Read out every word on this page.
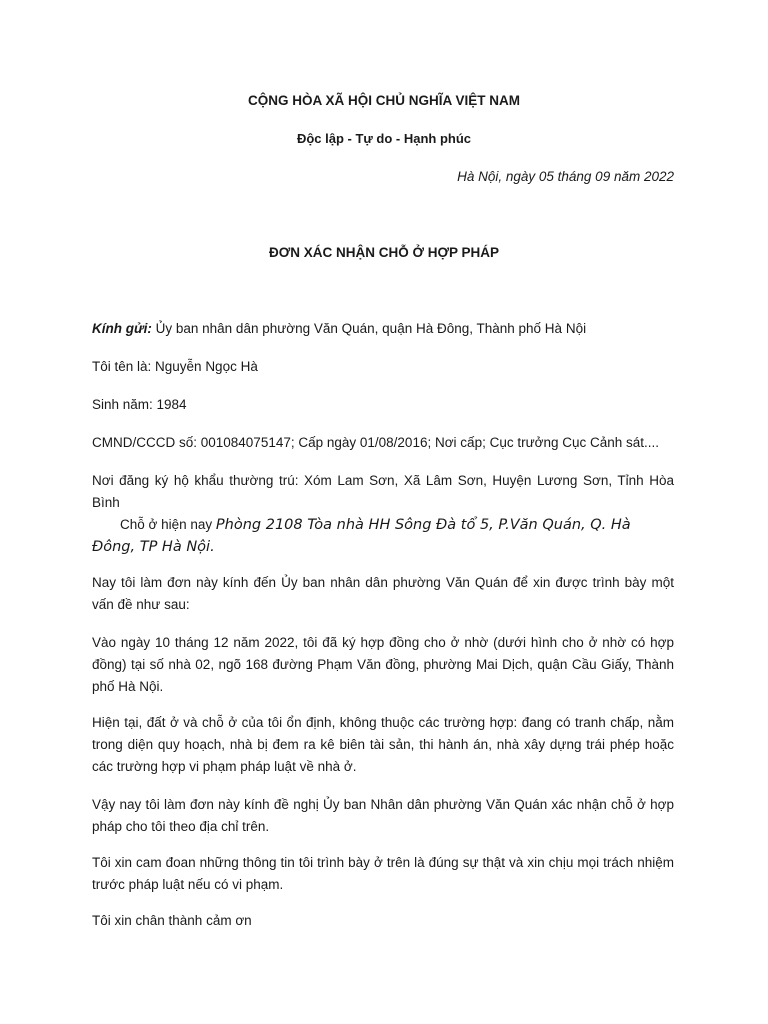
CỘNG HÒA XÃ HỘI CHỦ NGHĨA VIỆT NAM
Độc lập - Tự do - Hạnh phúc
Hà Nội, ngày 05 tháng 09 năm 2022
ĐƠN XÁC NHẬN CHỖ Ở HỢP PHÁP
Kính gửi: Ủy ban nhân dân phường Văn Quán, quận Hà Đông, Thành phố Hà Nội
Tôi tên là: Nguyễn Ngọc Hà
Sinh năm: 1984
CMND/CCCD số: 001084075147; Cấp ngày 01/08/2016; Nơi cấp; Cục trưởng Cục Cảnh sát....
Nơi đăng ký hộ khẩu thường trú: Xóm Lam Sơn, Xã Lâm Sơn, Huyện Lương Sơn, Tỉnh Hòa Bình
Chỗ ở hiện nay Phòng 2108 Tòa nhà HH Sông Đà tổ 5, P.Văn Quán, Q. Hà Đông, TP Hà Nội.
Nay tôi làm đơn này kính đến Ủy ban nhân dân phường Văn Quán để xin được trình bày một vấn đề như sau:
Vào ngày 10 tháng 12 năm 2022, tôi đã ký hợp đồng cho ở nhờ (dưới hình cho ở nhờ có hợp đồng) tại số nhà 02, ngõ 168 đường Phạm Văn đồng, phường Mai Dịch, quận Cầu Giấy, Thành phố Hà Nội.
Hiện tại, đất ở và chỗ ở của tôi ổn định, không thuộc các trường hợp: đang có tranh chấp, nằm trong diện quy hoạch, nhà bị đem ra kê biên tài sản, thi hành án, nhà xây dựng trái phép hoặc các trường hợp vi phạm pháp luật về nhà ở.
Vậy nay tôi làm đơn này kính đề nghị Ủy ban Nhân dân phường Văn Quán xác nhận chỗ ở hợp pháp cho tôi theo địa chỉ trên.
Tôi xin cam đoan những thông tin tôi trình bày ở trên là đúng sự thật và xin chịu mọi trách nhiệm trước pháp luật nếu có vi phạm.
Tôi xin chân thành cảm ơn
